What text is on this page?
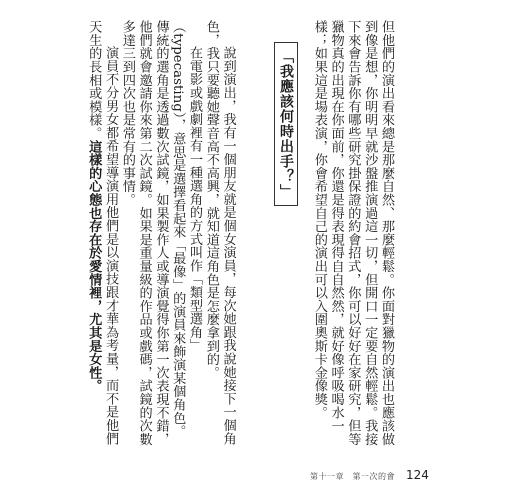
但他們的演出看來總是那麼自然、那麼輕鬆。你面對獵物的演出也應該做到像是想，你明明早就沙盤推演過這一切，但開口一定要自然輕鬆。我接下來會告訴你有哪些研究掛保證的約會招式，你可以好好在家研究，但等獵物真的出現在你面前，你還是得表現得自自然然，就好像呼吸喝水一樣；如果這是場表演，你會希望自己的演出可以入圍奧斯卡金像獎。

說到演出，我有一個朋友就是個女演員，每次她跟我說她接下一個角色，我只要聽她聲音高不高興，就知道這角色是怎麼拿到的。

在電影或戲劇裡有一種選角的方式叫作「類型選角」（typecasting），意思是選擇看起來「最像」的演員來飾演某個角色。傳統的選角是透過數次試鏡，如果製作人或導演覺得你第一次表現不錯，他們就會邀請你來第二次試鏡。如果是重量級的作品或戲碼，試鏡的次數多達三到四次也是常有的事情。

演員不分男女都希望導演用他們是以演技跟才華為考量，而不是他們天生的長相或模樣。這樣的心態也存在於愛情裡，尤其是女性。

「我應該何時出手？」
第十一章　第一次的會 124
